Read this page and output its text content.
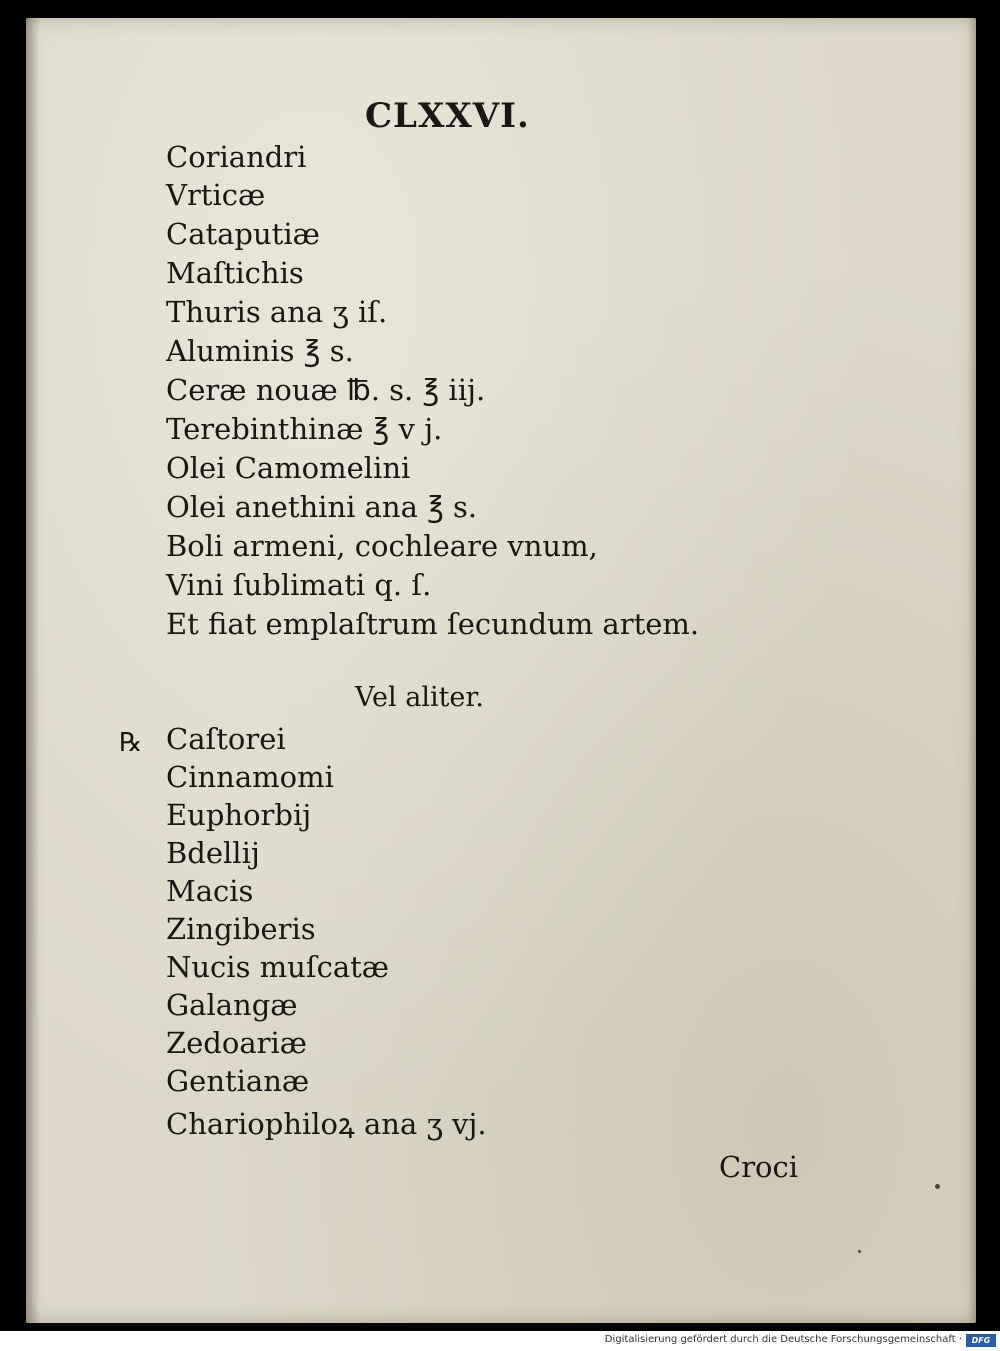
CLXXVI.
Coriandri
Vrticæ
Cataputiæ
Maſtichis
Thuris ana ʒ iſ.
Aluminis ℥ s.
Ceræ nouæ ℔. s. ℥ iij.
Terebinthinæ ℥ v j.
Olei Camomelini
Olei anethini ana ℥ s.
Boli armeni, cochleare vnum,
Vini ſublimati q. ſ.
Et fiat emplaſtrum ſecundum artem.
Vel aliter.
℞ Caſtorei
Cinnamomi
Euphorbij
Bdellij
Macis
Zingiberis
Nucis muſcatæ
Galangæ
Zedoariæ
Gentianæ
Chariophiloꝝ ana ʒ vj.
Croci
Digitalisierung gefördert durch die Deutsche Forschungsgemeinschaft ·	DFG
